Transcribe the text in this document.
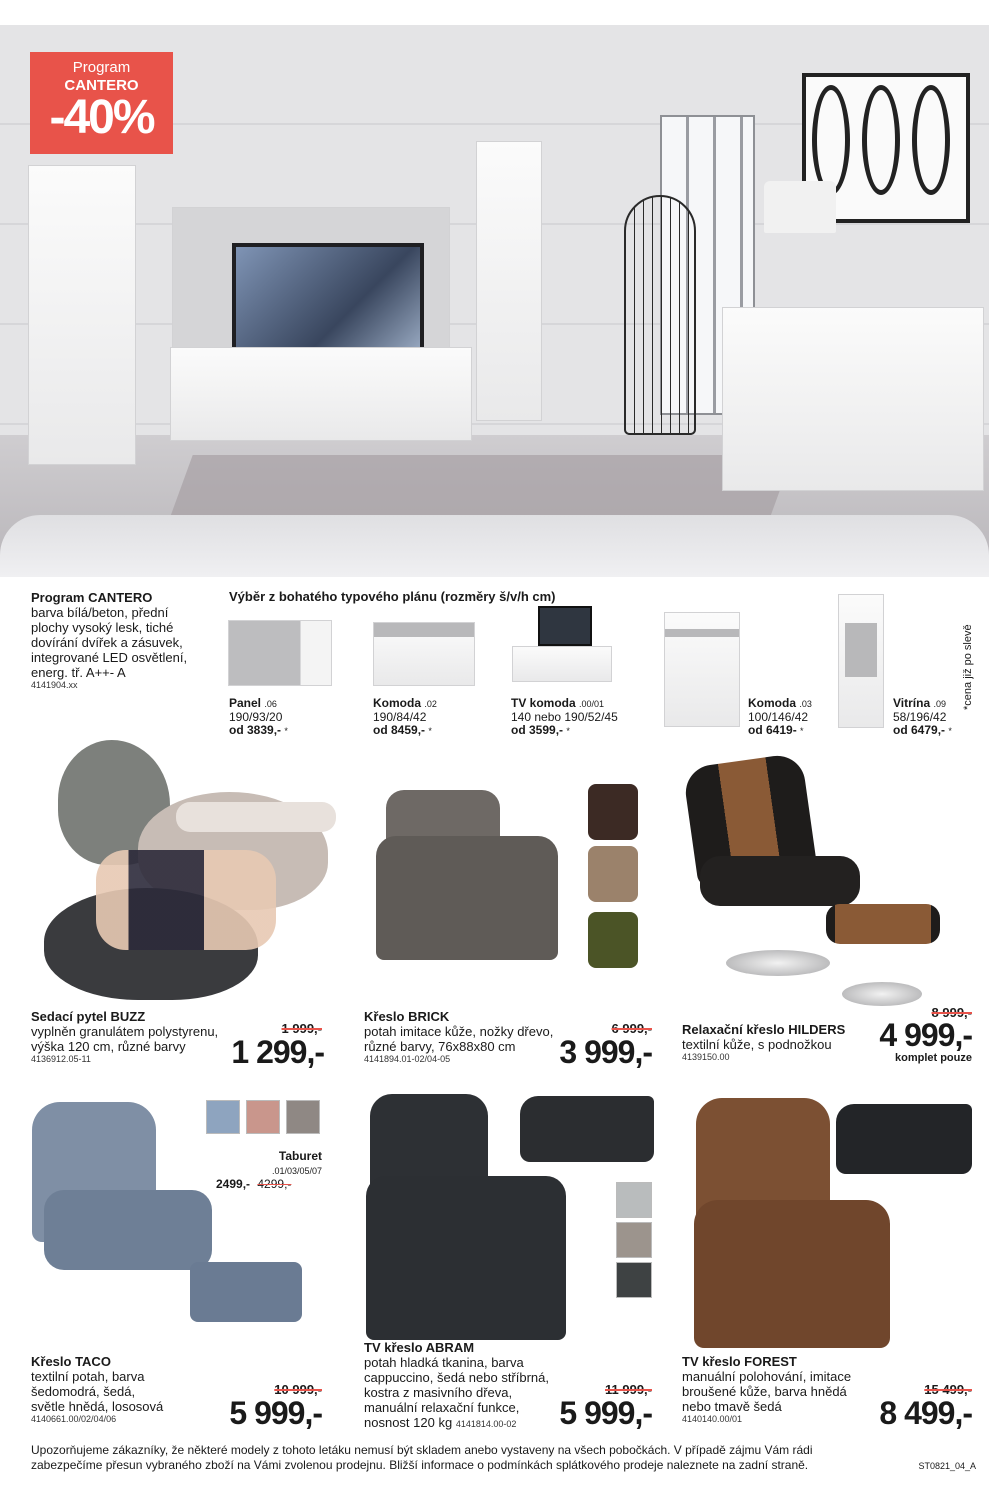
Program
CANTERO
-40%
Program CANTERO
barva bílá/beton, přední
plochy vysoký lesk, tiché
dovírání dvířek a zásuvek,
integrované LED osvětlení,
energ. tř. A++- A
4141904.xx
Výběr z bohatého typového plánu (rozměry š/v/h cm)
*cena již po slevě
Panel .06
190/93/20
od 3839,- *
Komoda .02
190/84/42
od 8459,- *
TV komoda .00/01
140 nebo 190/52/45
od 3599,- *
Komoda .03
100/146/42
od 6419- *
Vitrína .09
58/196/42
od 6479,- *
Sedací pytel BUZZ
vyplněn granulátem polystyrenu,
výška 120 cm, různé barvy
4136912.05-11
1 999,-
1 299,-
Křeslo BRICK
potah imitace kůže, nožky dřevo,
různé barvy, 76x88x80 cm
4141894.01-02/04-05
6 999,-
3 999,-
Relaxační křeslo HILDERS
textilní kůže, s podnožkou
4139150.00
8 999,-
4 999,-
komplet pouze
Taburet
.01/03/05/07
2499,- 4299,-
Křeslo TACO
textilní potah, barva
šedomodrá, šedá,
světle hnědá, lososová
4140661.00/02/04/06
10 999,-
5 999,-
TV křeslo ABRAM
potah hladká tkanina, barva
cappuccino, šedá nebo stříbrná,
kostra z masivního dřeva,
manuální relaxační funkce,
nosnost 120 kg 4141814.00-02
11 999,-
5 999,-
TV křeslo FOREST
manuální polohování, imitace
broušené kůže, barva hnědá
nebo tmavě šedá
4140140.00/01
15 499,-
8 499,-
Upozorňujeme zákazníky, že některé modely z tohoto letáku nemusí být skladem anebo vystaveny na všech pobočkách. V případě zájmu Vám rádi
zabezpečíme přesun vybraného zboží na Vámi zvolenou prodejnu. Bližší informace o podmínkách splátkového prodeje naleznete na zadní straně.	ST0821_04_A
